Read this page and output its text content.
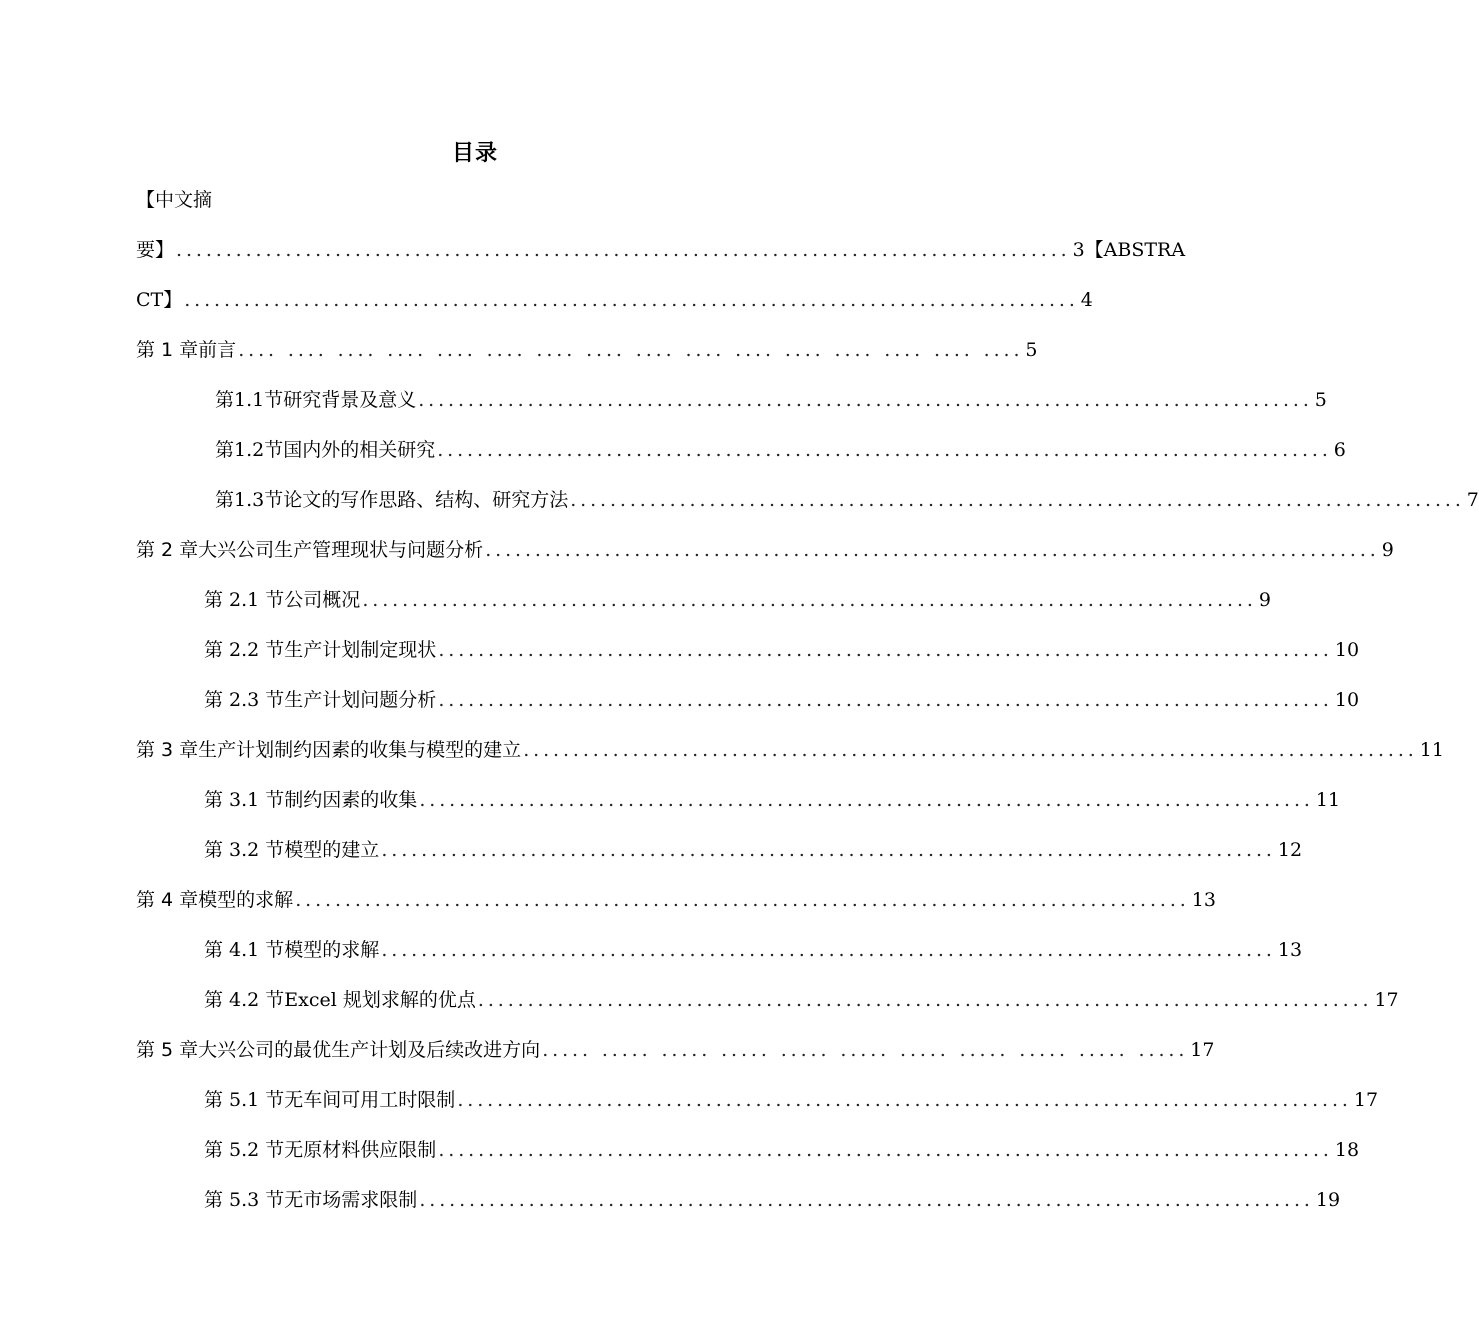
目录
【中文摘
要】 .......................................................................................... 3 【ABSTRA
CT】 .......................................................................................... 4
第 1 章 前言 .... .... .... .... .... .... .... .... .... .... .... .... .... .... .... .... 5
第1.1节 研究背景及意义 .......................................................................................... 5
第1.2节 国内外的相关研究 .......................................................................................... 6
第1.3节 论文的写作思路、结构、研究方法 .......................................................................................... 7
第 2 章 大兴公司生产管理现状与问题分析 .......................................................................................... 9
第 2.1 节 公司概况 .......................................................................................... 9
第 2.2 节 生产计划制定现状 .......................................................................................... 10
第 2.3 节 生产计划问题分析 .......................................................................................... 10
第 3 章 生产计划制约因素的收集与模型的建立 .......................................................................................... 11
第 3.1 节 制约因素的收集 .......................................................................................... 11
第 3.2 节 模型的建立 .......................................................................................... 12
第 4 章 模型的求解 .......................................................................................... 13
第 4.1 节 模型的求解 .......................................................................................... 13
第 4.2 节 Excel 规划求解的优点 .......................................................................................... 17
第 5 章 大兴公司的最优生产计划及后续改进方向 ..... ..... ..... ..... ..... ..... ..... ..... ..... ..... ..... 17
第 5.1 节 无车间可用工时限制 .......................................................................................... 17
第 5.2 节 无原材料供应限制 .......................................................................................... 18
第 5.3 节 无市场需求限制 .......................................................................................... 19
